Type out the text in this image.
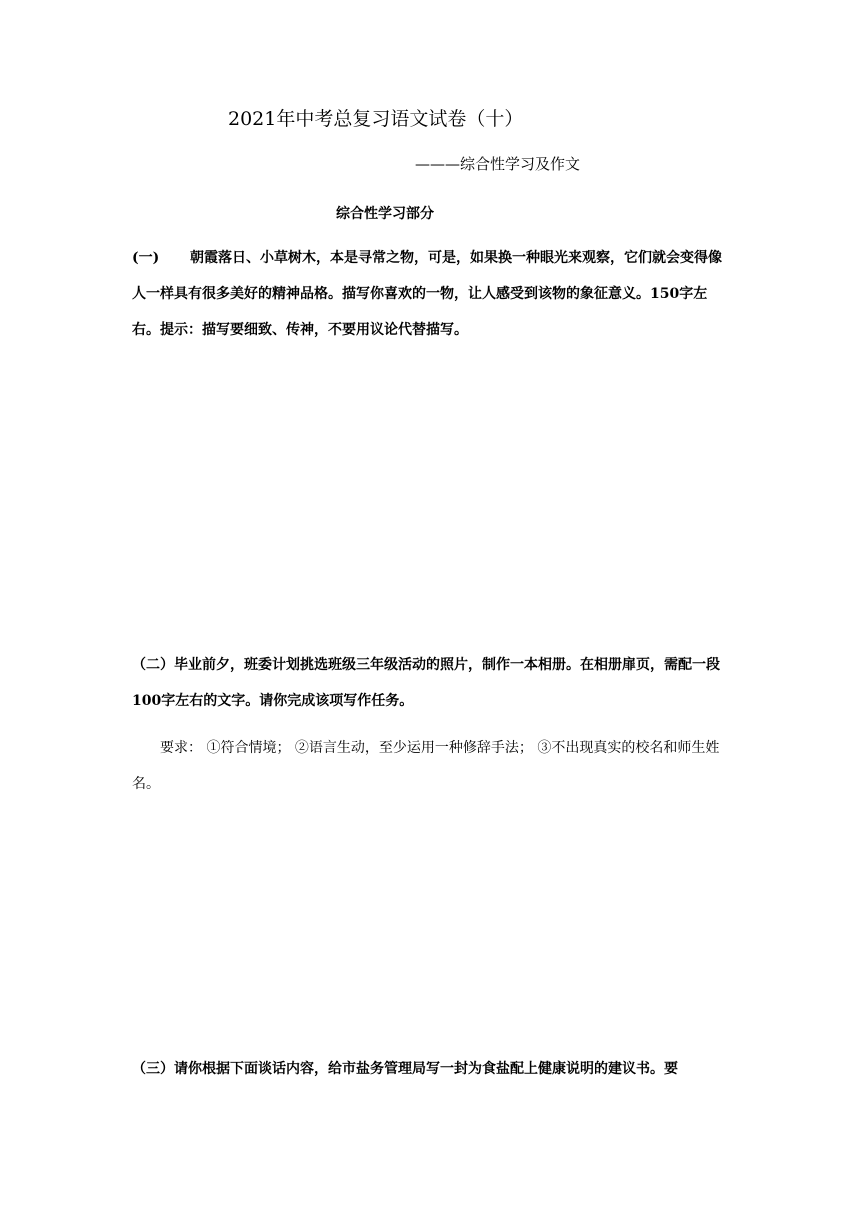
2021年中考总复习语文试卷（十）
———综合性学习及作文
综合性学习部分

(一) 朝霞落日、小草树木，本是寻常之物，可是，如果换一种眼光来观察，它们就会变得像人一样具有很多美好的精神品格。描写你喜欢的一物，让人感受到该物的象征意义。150字左右。提示：描写要细致、传神，不要用议论代替描写。

（二）毕业前夕，班委计划挑选班级三年级活动的照片，制作一本相册。在相册扉页，需配一段100字左右的文字。请你完成该项写作任务。

要求： ①符合情境； ②语言生动，至少运用一种修辞手法； ③不出现真实的校名和师生姓名。

（三）请你根据下面谈话内容，给市盐务管理局写一封为食盐配上健康说明的建议书。要
